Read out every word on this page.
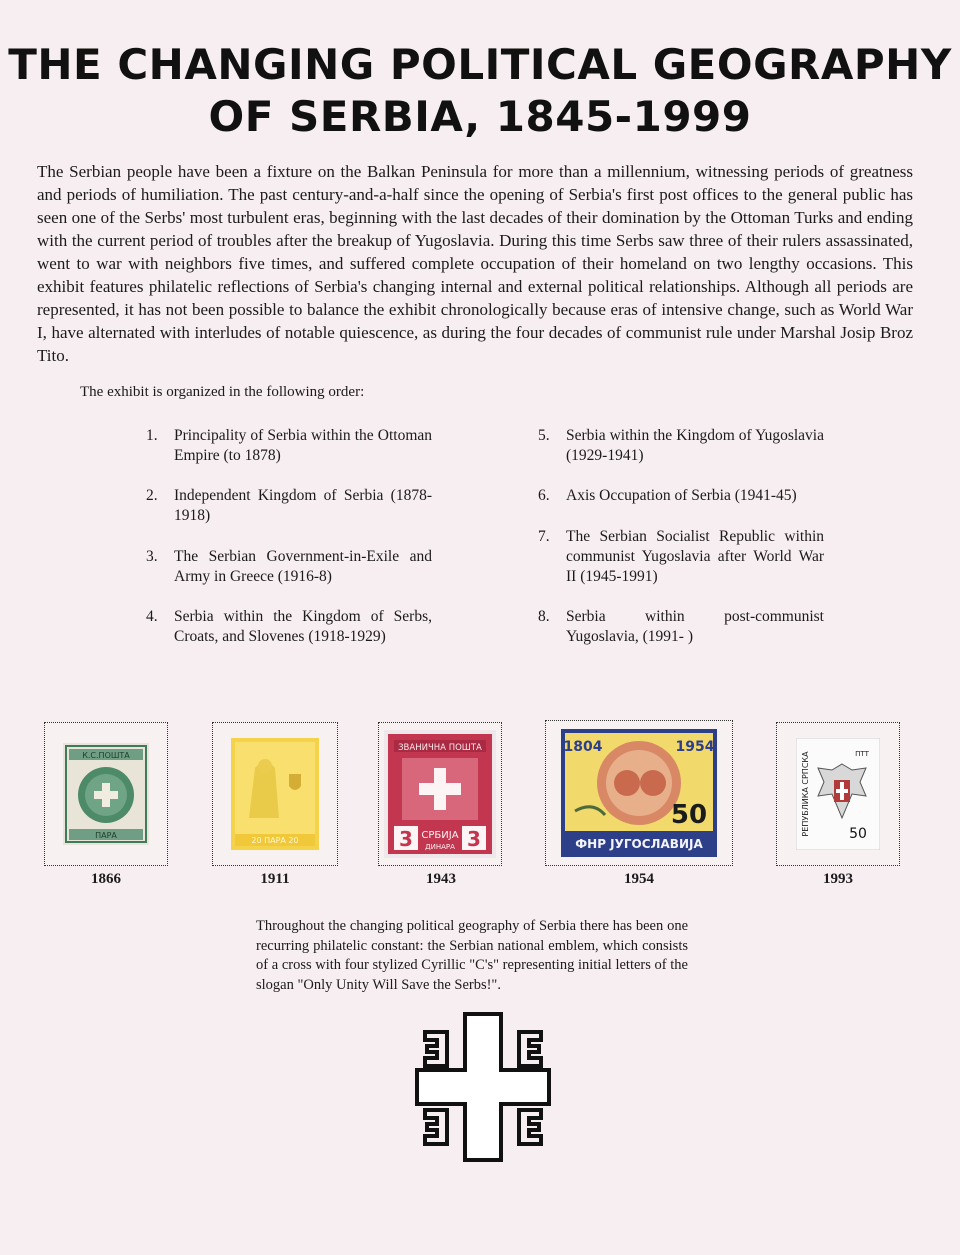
THE CHANGING POLITICAL GEOGRAPHY
OF SERBIA, 1845-1999

The Serbian people have been a fixture on the Balkan Peninsula for more than a millennium, witnessing periods of greatness and periods of humiliation. The past century-and-a-half since the opening of Serbia's first post offices to the general public has seen one of the Serbs' most turbulent eras, beginning with the last decades of their domination by the Ottoman Turks and ending with the current period of troubles after the breakup of Yugoslavia. During this time Serbs saw three of their rulers assassinated, went to war with neighbors five times, and suffered complete occupation of their homeland on two lengthy occasions. This exhibit features philatelic reflections of Serbia's changing internal and external political relationships. Although all periods are represented, it has not been possible to balance the exhibit chronologically because eras of intensive change, such as World War I, have alternated with interludes of notable quiescence, as during the four decades of communist rule under Marshal Josip Broz Tito.

The exhibit is organized in the following order:
1.	Principality of Serbia within the Ottoman Empire (to 1878)
2.	Independent Kingdom of Serbia (1878-1918)
3.	The Serbian Government-in-Exile and Army in Greece (1916-8)
4.	Serbia within the Kingdom of Serbs, Croats, and Slovenes (1918-1929)
5.	Serbia within the Kingdom of Yugoslavia (1929-1941)
6.	Axis Occupation of Serbia (1941-45)
7.	The Serbian Socialist Republic within communist Yugoslavia after World War II (1945-1991)
8.	Serbia within post-communist Yugoslavia, (1991- )
К.С.ПОШТА
ПАРА
1866
20 ПАРА 20
1911
ЗВАНИЧНА ПОШТА
3	3
СРБИЈА
ДИНАРА
1943
1804	1954
50
ФНР ЈУГОСЛАВИЈА
1954
РЕПУБЛИКА СРПСКА	ПТТ
50
1993

Throughout the changing political geography of Serbia there has been one recurring philatelic constant: the Serbian national emblem, which consists of a cross with four stylized Cyrillic "C's" representing initial letters of the slogan "Only Unity Will Save the Serbs!".
